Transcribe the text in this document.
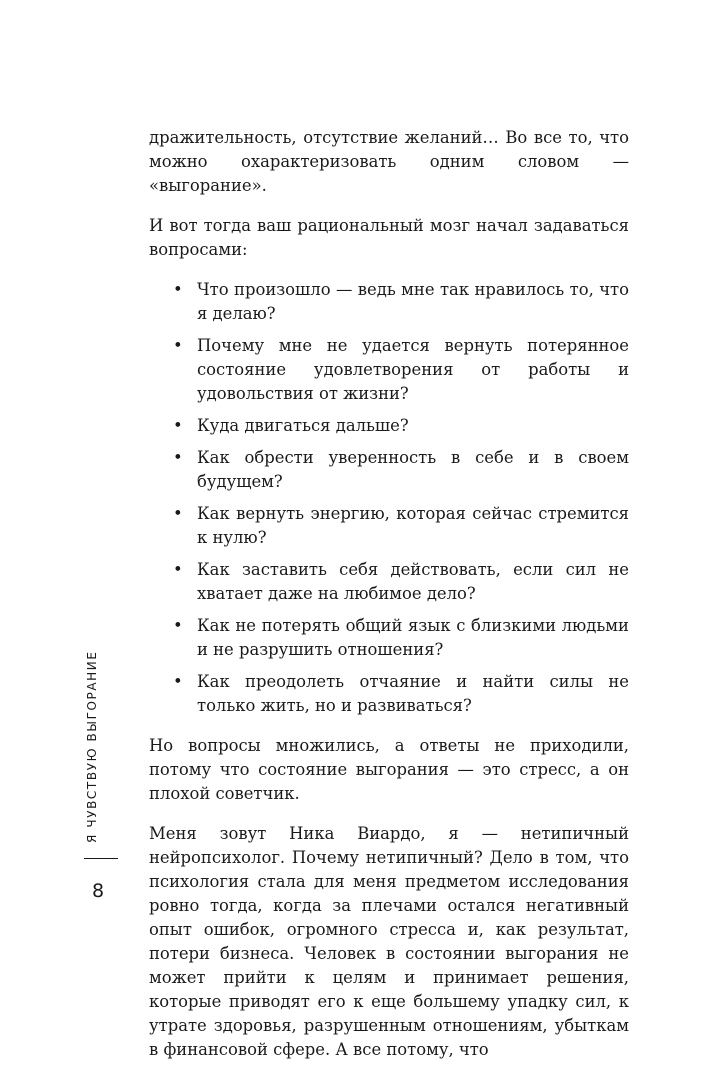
дражительность, отсутствие желаний… Во все то, что можно охарактеризовать одним словом — «выгорание».

И вот тогда ваш рациональный мозг начал задаваться вопросами:

• Что произошло — ведь мне так нравилось то, что я делаю?
• Почему мне не удается вернуть потерянное состояние удовлетворения от работы и удовольствия от жизни?
• Куда двигаться дальше?
• Как обрести уверенность в себе и в своем будущем?
• Как вернуть энергию, которая сейчас стремится к нулю?
• Как заставить себя действовать, если сил не хватает даже на любимое дело?
• Как не потерять общий язык с близкими людьми и не разрушить отношения?
• Как преодолеть отчаяние и найти силы не только жить, но и развиваться?

Но вопросы множились, а ответы не приходили, потому что состояние выгорания — это стресс, а он плохой советчик.

Меня зовут Ника Виардо, я — нетипичный нейропсихолог. Почему нетипичный? Дело в том, что психология стала для меня предметом исследования ровно тогда, когда за плечами остался негативный опыт ошибок, огромного стресса и, как результат, потери бизнеса. Человек в состоянии выгорания не может прийти к целям и принимает решения, которые приводят его к еще большему упадку сил, к утрате здоровья, разрушенным отношениям, убыткам в финансовой сфере. А все потому, что

Я ЧУВСТВУЮ ВЫГОРАНИЕ
8
